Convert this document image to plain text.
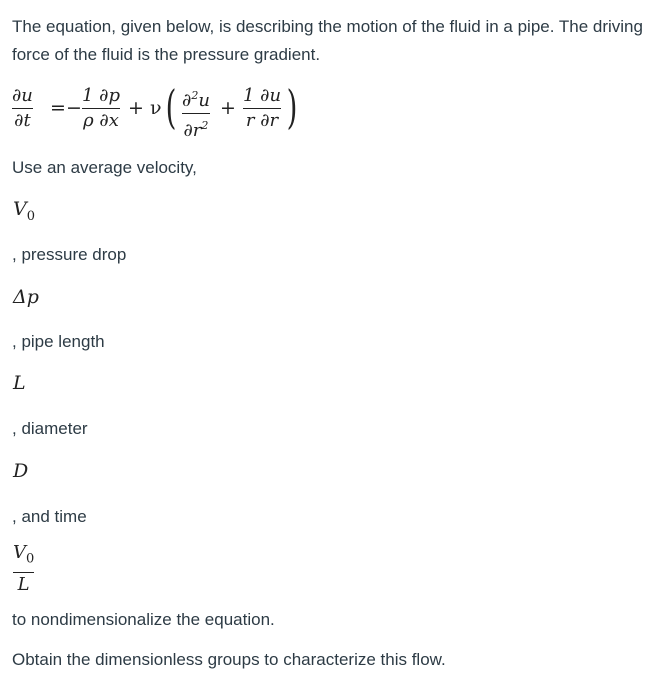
The equation, given below, is describing the motion of the fluid in a pipe. The driving force of the fluid is the pressure gradient.
∂u
∂t
= −
1 ∂p
ρ ∂x
+ ν ( ∂$^2$u
$\partial r^2$
+
1 ∂u
r ∂r )
Use an average velocity,
$V_0$
, pressure drop
Δp
, pipe length
L
, diameter
D
, and time
$V_0$
L
to nondimensionalize the equation.
Obtain the dimensionless groups to characterize this flow.
